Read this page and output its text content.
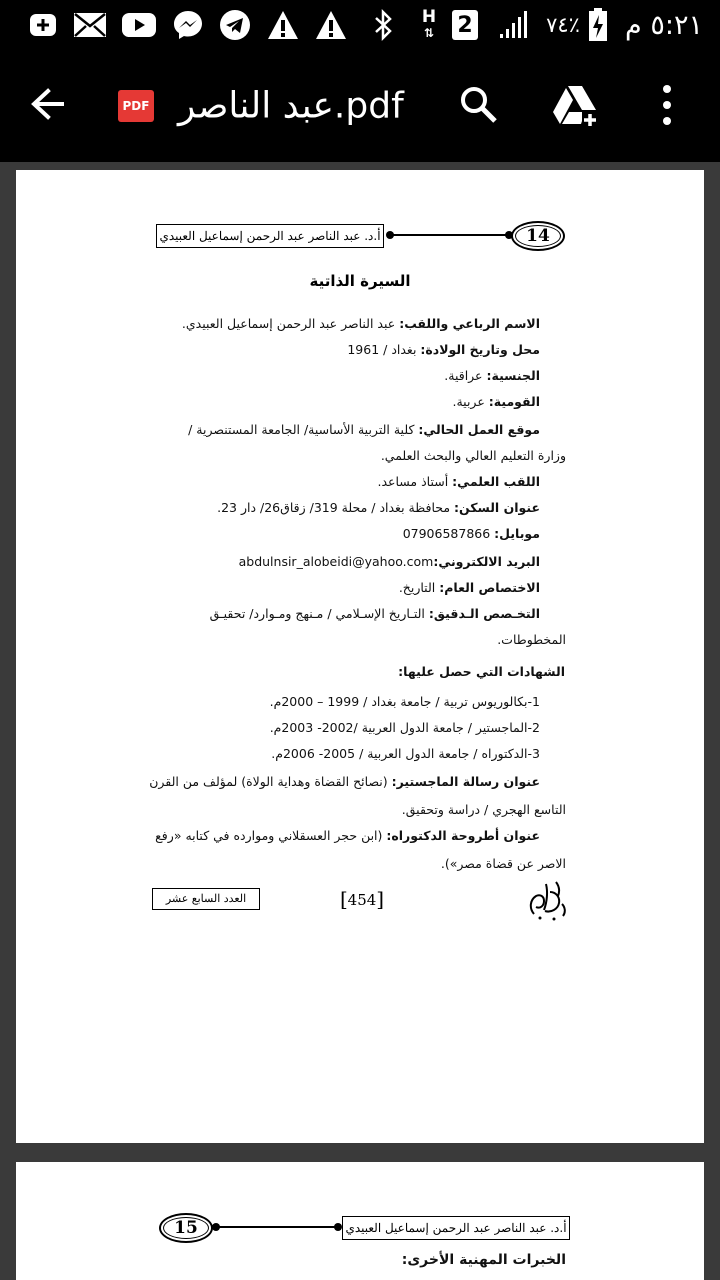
H
⇅ 2	٧٤٪	٥:٢١ م
PDF عبد الناصر.pdf
14
أ.د. عبد الناصر عبد الرحمن إسماعيل العبيدي
15	أ.د. عبد الناصر عبد الرحمن إسماعيل العبيدي
الخبرات المهنية الأخرى:
السيرة الذاتية
الاسم الرباعي واللقب: عبد الناصر عبد الرحمن إسماعيل العبيدي.
محل وتاريخ الولادة: بغداد / 1961
الجنسية: عراقية.
القومية: عربية.
موقع العمل الحالي: كلية التربية الأساسية/ الجامعة المستنصرية /
وزارة التعليم العالي والبحث العلمي.
اللقب العلمي: أستاذ مساعد.
عنوان السكن: محافظة بغداد / محلة 319/ زقاق26/ دار 23.
موبايل: 07906587866
البريد الالكتروني:abdulnsir_alobeidi@yahoo.com
الاختصاص العام: التاريخ.
التخـصص الـدقيق: التـاريخ الإسـلامي / مـنهج ومـوارد/ تحقيـق
المخطوطات.
الشهادات التي حصل عليها:
1-بكالوريوس تربية / جامعة بغداد / 1999 – 2000م.
2-الماجستير / جامعة الدول العربية /2002- 2003م.
3-الدكتوراه / جامعة الدول العربية / 2005- 2006م.
عنوان رسالة الماجستير: (نصائح القضاة وهداية الولاة) لمؤلف من القرن
التاسع الهجري / دراسة وتحقيق.
عنوان أطروحة الدكتوراه: (ابن حجر العسقلاني وموارده في كتابه «رفع
الاصر عن قضاة مصر»).
العدد السابع عشر	[ 454 ]
